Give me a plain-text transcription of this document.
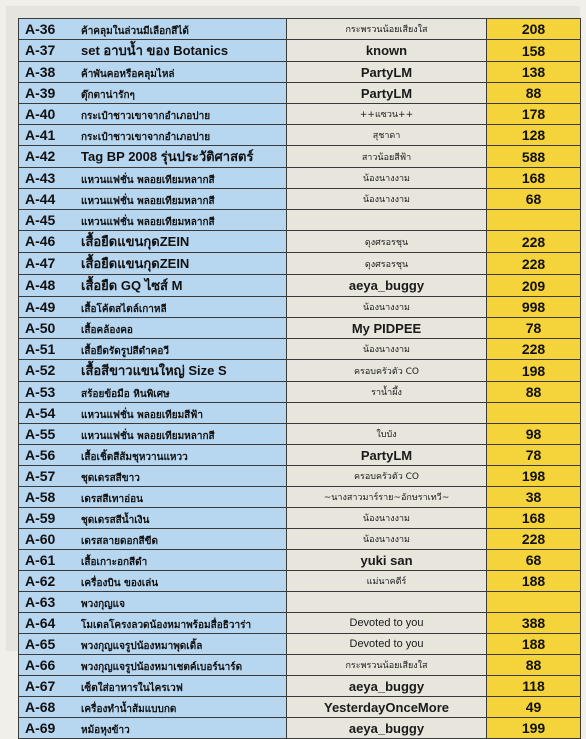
A-36 ค้าคลุมในล่วนมีเลือกสีได้	กระพรวนน้อยเสียงใส	208
A-37 set อาบน้ำ ของ Botanics	known	158
A-38 ค้าพันคอหรือคลุมไหล่	PartyLM	138
A-39 ตุ๊กตาน่ารักๆ	PartyLM	88
A-40 กระเป๋าชาวเขาจากอำเภอปาย	++แซวน++	178
A-41 กระเป๋าชาวเขาจากอำเภอปาย	สุชาดา	128
A-42 Tag BP 2008 รุ่นประวัติศาสตร์	สาวน้อยสีฟ้า	588
A-43 แหวนแฟชั่น พลอยเทียมหลากสี	น้องนางงาม	168
A-44 แหวนแฟชั่น พลอยเทียมหลากสี	น้องนางงาม	68
A-45 แหวนแฟชั่น พลอยเทียมหลากสี		
A-46 เสื้อยืดแขนกุดZEIN	ดุงศรอรชุน	228
A-47 เสื้อยืดแขนกุดZEIN	ดุงศรอรชุน	228
A-48 เสื้อยืด GQ ไซส์ M	aeya_buggy	209
A-49 เสื้อโค้ตสไตล์เกาหลี	น้องนางงาม	998
A-50 เสื้อคล้องคอ	My PIDPEE	78
A-51 เสื้อยืดรัดรูปสีดำคอวี	น้องนางงาม	228
A-52 เสื้อสีขาวแขนใหญ่ Size S	ครอบครัวตัว CO	198
A-53 สร้อยข้อมือ หินพิเศษ	ราน้ำผึ้ง	88
A-54 แหวนแฟชั่น พลอยเทียมสีฟ้า		
A-55 แหวนแฟชั่น พลอยเทียมหลากสี	ใบบัง	98
A-56 เสื้อเชิ้ตสีส้มชุหวานแหวว	PartyLM	78
A-57 ชุดเดรสสีขาว	ครอบครัวตัว CO	198
A-58 เดรสสีเทาอ่อน	~นางสาวมาร์ราย~อักษราเทวี~	38
A-59 ชุดเดรสสีน้ำเงิน	น้องนางงาม	168
A-60 เดรสลายดอกสีขีด	น้องนางงาม	228
A-61 เสื้อเกาะอกสีดำ	yuki san	68
A-62 เครื่องบิน ของเล่น	แม่นาคตีร์	188
A-63 พวงกุญแจ		
A-64 โมเดลโครงลวดน้องหมาพร้อมสื่อธิวาร่า	Devoted to you	388
A-65 พวงกุญแจรูปน้องหมาพุดเดิ้ล	Devoted to you	188
A-66 พวงกุญแจรูปน้องหมาเชตค์เบอร์นาร์ด	กระพรวนน้อยเสียงใส	88
A-67 เซ็ตใส่อาหารในไครเวฟ	aeya_buggy	118
A-68 เครื่องทำน้ำส้มแบบกด	YesterdayOnceMore	49
A-69 หม้อหุงข้าว	aeya_buggy	199
